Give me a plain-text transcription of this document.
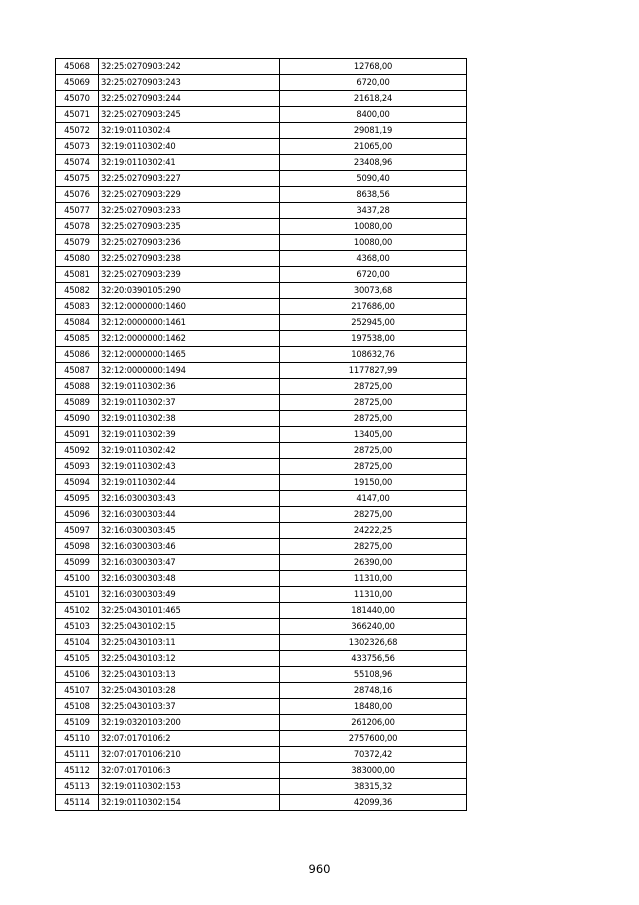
45068	32:25:0270903:242	12768,00
45069	32:25:0270903:243	6720,00
45070	32:25:0270903:244	21618,24
45071	32:25:0270903:245	8400,00
45072	32:19:0110302:4	29081,19
45073	32:19:0110302:40	21065,00
45074	32:19:0110302:41	23408,96
45075	32:25:0270903:227	5090,40
45076	32:25:0270903:229	8638,56
45077	32:25:0270903:233	3437,28
45078	32:25:0270903:235	10080,00
45079	32:25:0270903:236	10080,00
45080	32:25:0270903:238	4368,00
45081	32:25:0270903:239	6720,00
45082	32:20:0390105:290	30073,68
45083	32:12:0000000:1460	217686,00
45084	32:12:0000000:1461	252945,00
45085	32:12:0000000:1462	197538,00
45086	32:12:0000000:1465	108632,76
45087	32:12:0000000:1494	1177827,99
45088	32:19:0110302:36	28725,00
45089	32:19:0110302:37	28725,00
45090	32:19:0110302:38	28725,00
45091	32:19:0110302:39	13405,00
45092	32:19:0110302:42	28725,00
45093	32:19:0110302:43	28725,00
45094	32:19:0110302:44	19150,00
45095	32:16:0300303:43	4147,00
45096	32:16:0300303:44	28275,00
45097	32:16:0300303:45	24222,25
45098	32:16:0300303:46	28275,00
45099	32:16:0300303:47	26390,00
45100	32:16:0300303:48	11310,00
45101	32:16:0300303:49	11310,00
45102	32:25:0430101:465	181440,00
45103	32:25:0430102:15	366240,00
45104	32:25:0430103:11	1302326,68
45105	32:25:0430103:12	433756,56
45106	32:25:0430103:13	55108,96
45107	32:25:0430103:28	28748,16
45108	32:25:0430103:37	18480,00
45109	32:19:0320103:200	261206,00
45110	32:07:0170106:2	2757600,00
45111	32:07:0170106:210	70372,42
45112	32:07:0170106:3	383000,00
45113	32:19:0110302:153	38315,32
45114	32:19:0110302:154	42099,36
960
